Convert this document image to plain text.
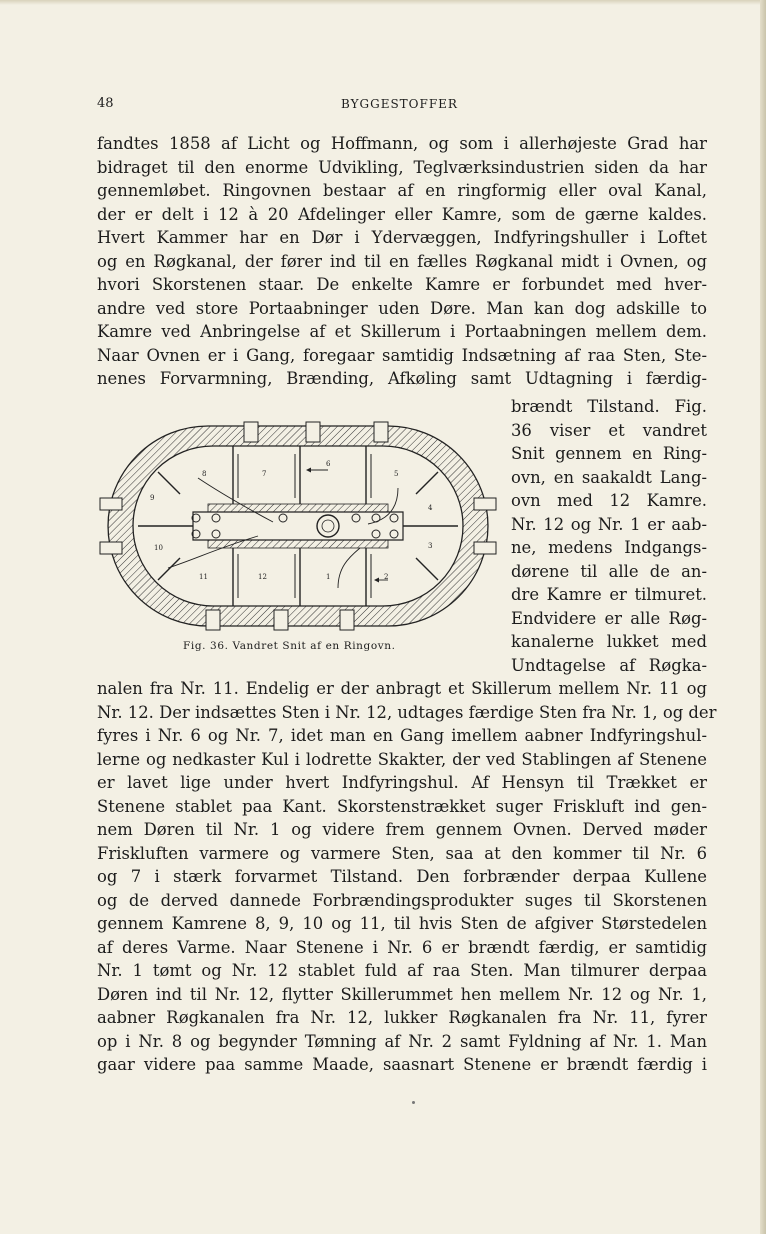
48	BYGGESTOFFER
fandtes 1858 af Licht og Hoffmann, og som i allerhøjeste Grad har
bidraget til den enorme Udvikling, Teglværksindustrien siden da har
gennemløbet. Ringovnen bestaar af en ringformig eller oval Kanal,
der er delt i 12 à 20 Afdelinger eller Kamre, som de gærne kaldes.
Hvert Kammer har en Dør i Ydervæggen, Indfyringshuller i Loftet
og en Røgkanal, der fører ind til en fælles Røgkanal midt i Ovnen, og
hvori Skorstenen staar. De enkelte Kamre er forbundet med hver-
andre ved store Portaabninger uden Døre. Man kan dog adskille to
Kamre ved Anbringelse af et Skillerum i Portaabningen mellem dem.
Naar Ovnen er i Gang, foregaar samtidig Indsætning af raa Sten, Ste-
nenes Forvarmning, Brænding, Afkøling samt Udtagning i færdig-
brændt Tilstand. Fig.
36 viser et vandret
Snit gennem en Ring-
ovn, en saakaldt Lang-
ovn med 12 Kamre.
Nr. 12 og Nr. 1 er aab-
ne, medens Indgangs-
dørene til alle de an-
dre Kamre er tilmuret.
Endvidere er alle Røg-
kanalerne lukket med
Undtagelse af Røgka-
1	2
3
4
5
6
7
8
9
10
11	12
Fig. 36. Vandret Snit af en Ringovn.
nalen fra Nr. 11. Endelig er der anbragt et Skillerum mellem Nr. 11 og
Nr. 12. Der indsættes Sten i Nr. 12, udtages færdige Sten fra Nr. 1, og der
fyres i Nr. 6 og Nr. 7, idet man en Gang imellem aabner Indfyringshul-
lerne og nedkaster Kul i lodrette Skakter, der ved Stablingen af Stenene
er lavet lige under hvert Indfyringshul. Af Hensyn til Trækket er
Stenene stablet paa Kant. Skorstenstrækket suger Friskluft ind gen-
nem Døren til Nr. 1 og videre frem gennem Ovnen. Derved møder
Friskluften varmere og varmere Sten, saa at den kommer til Nr. 6
og 7 i stærk forvarmet Tilstand. Den forbrænder derpaa Kullene
og de derved dannede Forbrændingsprodukter suges til Skorstenen
gennem Kamrene 8, 9, 10 og 11, til hvis Sten de afgiver Størstedelen
af deres Varme. Naar Stenene i Nr. 6 er brændt færdig, er samtidig
Nr. 1 tømt og Nr. 12 stablet fuld af raa Sten. Man tilmurer derpaa
Døren ind til Nr. 12, flytter Skillerummet hen mellem Nr. 12 og Nr. 1,
aabner Røgkanalen fra Nr. 12, lukker Røgkanalen fra Nr. 11, fyrer
op i Nr. 8 og begynder Tømning af Nr. 2 samt Fyldning af Nr. 1. Man
gaar videre paa samme Maade, saasnart Stenene er brændt færdig i
